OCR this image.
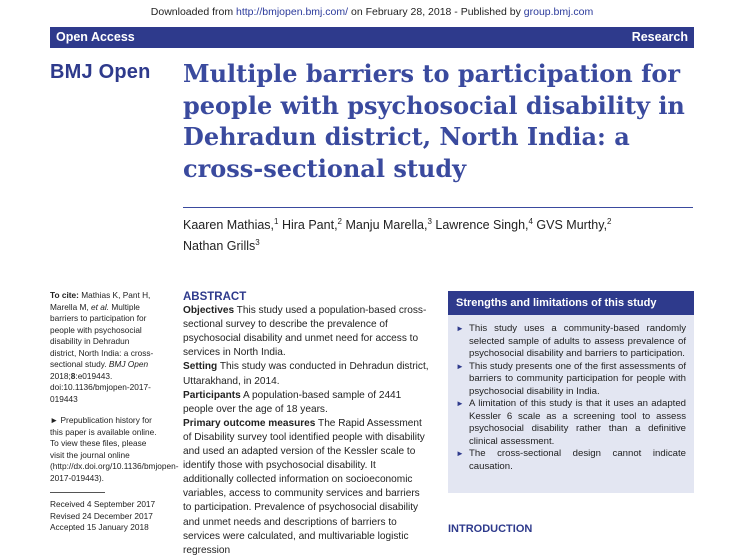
Downloaded from http://bmjopen.bmj.com/ on February 28, 2018 - Published by group.bmj.com
Open Access	Research
BMJ Open Multiple barriers to participation for people with psychosocial disability in Dehradun district, North India: a cross-sectional study
Kaaren Mathias,$^1$ Hira Pant,$^2$ Manju Marella,$^3$ Lawrence Singh,$^4$ GVS Murthy,$^2$
Nathan Grills$^3$

To cite: Mathias K, Pant H, Marella M, et al. Multiple barriers to participation for people with psychosocial disability in Dehradun district, North India: a cross-sectional study. BMJ Open 2018;8:e019443. doi:10.1136/bmjopen-2017-019443

► Prepublication history for this paper is available online. To view these files, please visit the journal online (http://dx.doi.org/10.1136/bmjopen-2017-019443).

Received 4 September 2017
Revised 24 December 2017
Accepted 15 January 2018
ABSTRACT

Objectives This study used a population-based cross-sectional survey to describe the prevalence of psychosocial disability and unmet need for access to services in North India.

Setting This study was conducted in Dehradun district, Uttarakhand, in 2014.

Participants A population-based sample of 2441 people over the age of 18 years.

Primary outcome measures The Rapid Assessment of Disability survey tool identified people with disability and used an adapted version of the Kessler scale to identify those with psychosocial disability. It additionally collected information on socioeconomic variables, access to community services and barriers to participation. Prevalence of psychosocial disability and unmet needs and descriptions of barriers to services were calculated, and multivariable logistic regression

Strengths and limitations of this study
► This study uses a community-based randomly selected sample of adults to assess prevalence of psychosocial disability and barriers to participation.
► This study presents one of the first assessments of barriers to community participation for people with psychosocial disability in India.
► A limitation of this study is that it uses an adapted Kessler 6 scale as a screening tool to assess psychosocial disability rather than a definitive clinical assessment.
► The cross-sectional design cannot indicate causation.
INTRODUCTION
